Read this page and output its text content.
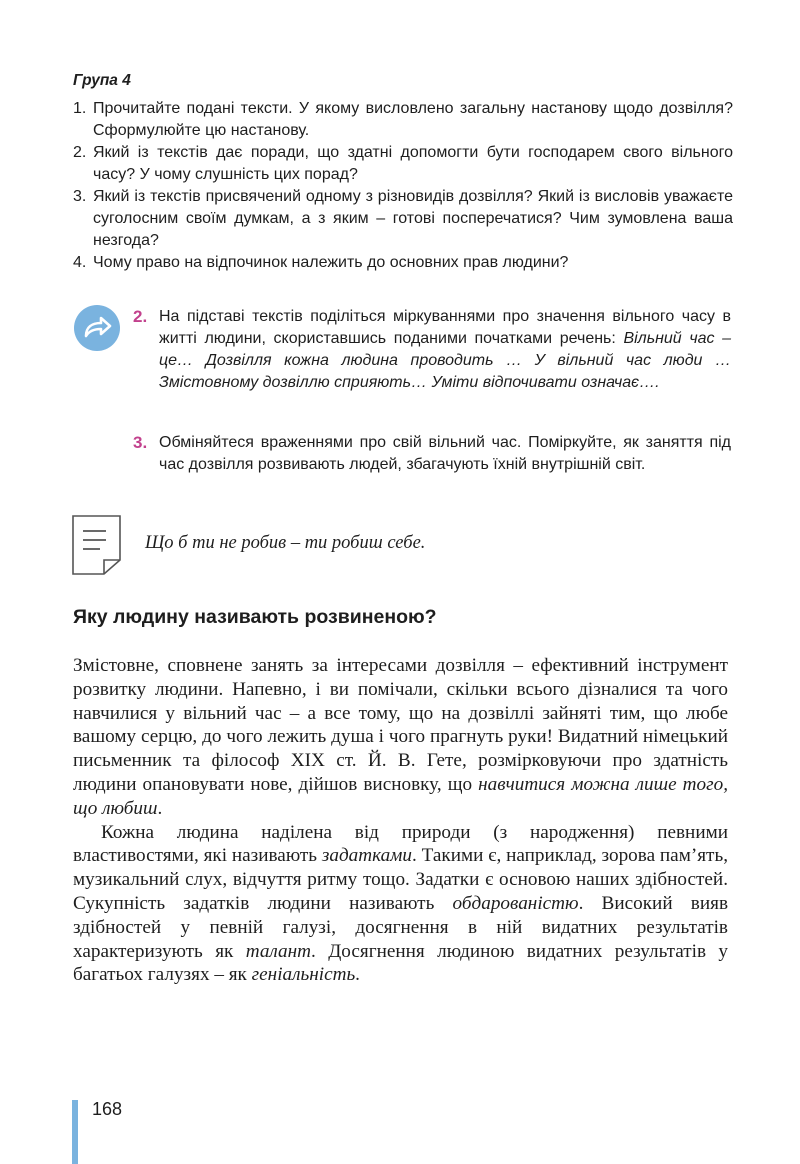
Група 4
1. Прочитайте подані тексти. У якому висловлено загальну настанову щодо дозвілля? Сформулюйте цю настанову.
2. Який із текстів дає поради, що здатні допомогти бути господарем свого вільного часу? У чому слушність цих порад?
3. Який із текстів присвячений одному з різновидів дозвілля? Який із висловів уважаєте суголосним своїм думкам, а з яким – готові посперечатися? Чим зумовлена ваша незгода?
4. Чому право на відпочинок належить до основних прав людини?
2. На підставі текстів поділіться міркуваннями про значення вільного часу в житті людини, скориставшись поданими початками речень: Вільний час – це… Дозвілля кожна людина проводить … У вільний час люди … Змістовному дозвіллю сприяють… Уміти відпочивати означає….
3. Обміняйтеся враженнями про свій вільний час. Поміркуйте, як заняття під час дозвілля розвивають людей, збагачують їхній внутрішній світ.
Що б ти не робив – ти робиш себе.
Яку людину називають розвиненою?

Змістовне, сповнене занять за інтересами дозвілля – ефективний інструмент розвитку людини. Напевно, і ви помічали, скільки всього дізналися та чого навчилися у вільний час – а все тому, що на дозвіллі зайняті тим, що любе вашому серцю, до чого лежить душа і чого прагнуть руки! Видатний німецький письменник та філософ XIX ст. Й. В. Гете, розмірковуючи про здатність людини опановувати нове, дійшов висновку, що навчитися можна лише того, що любиш.

Кожна людина наділена від природи (з народження) певними властивостями, які називають задатками. Такими є, наприклад, зорова пам’ять, музикальний слух, відчуття ритму тощо. Задатки є основою наших здібностей. Сукупність задатків людини називають обдарованістю. Високий вияв здібностей у певній галузі, досягнення в ній видатних результатів характеризують як талант. Досягнення людиною видатних результатів у багатьох галузях – як геніальність.

168
